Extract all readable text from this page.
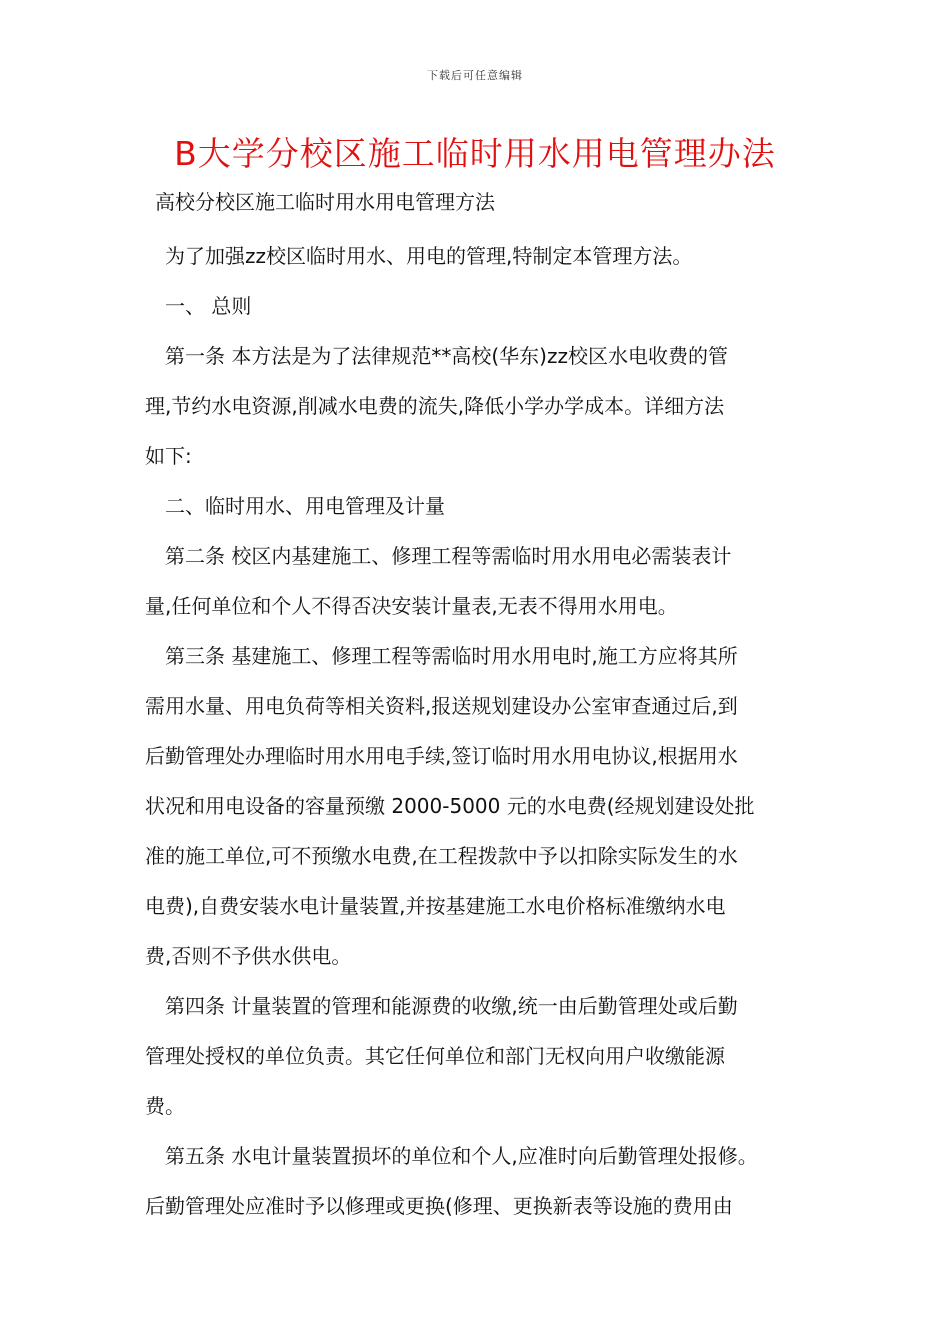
下载后可任意编辑
B大学分校区施工临时用水用电管理办法
高校分校区施工临时用水用电管理方法

为了加强zz校区临时用水、用电的管理,特制定本管理方法。

一、 总则

第一条 本方法是为了法律规范**高校(华东)zz校区水电收费的管

理,节约水电资源,削减水电费的流失,降低小学办学成本。详细方法

如下:

二、临时用水、用电管理及计量

第二条 校区内基建施工、修理工程等需临时用水用电必需装表计

量,任何单位和个人不得否决安装计量表,无表不得用水用电。

第三条 基建施工、修理工程等需临时用水用电时,施工方应将其所

需用水量、用电负荷等相关资料,报送规划建设办公室审查通过后,到

后勤管理处办理临时用水用电手续,签订临时用水用电协议,根据用水

状况和用电设备的容量预缴 2000-5000 元的水电费(经规划建设处批

准的施工单位,可不预缴水电费,在工程拨款中予以扣除实际发生的水

电费),自费安装水电计量装置,并按基建施工水电价格标准缴纳水电

费,否则不予供水供电。

第四条 计量装置的管理和能源费的收缴,统一由后勤管理处或后勤

管理处授权的单位负责。其它任何单位和部门无权向用户收缴能源

费。

第五条 水电计量装置损坏的单位和个人,应准时向后勤管理处报修。

后勤管理处应准时予以修理或更换(修理、更换新表等设施的费用由
